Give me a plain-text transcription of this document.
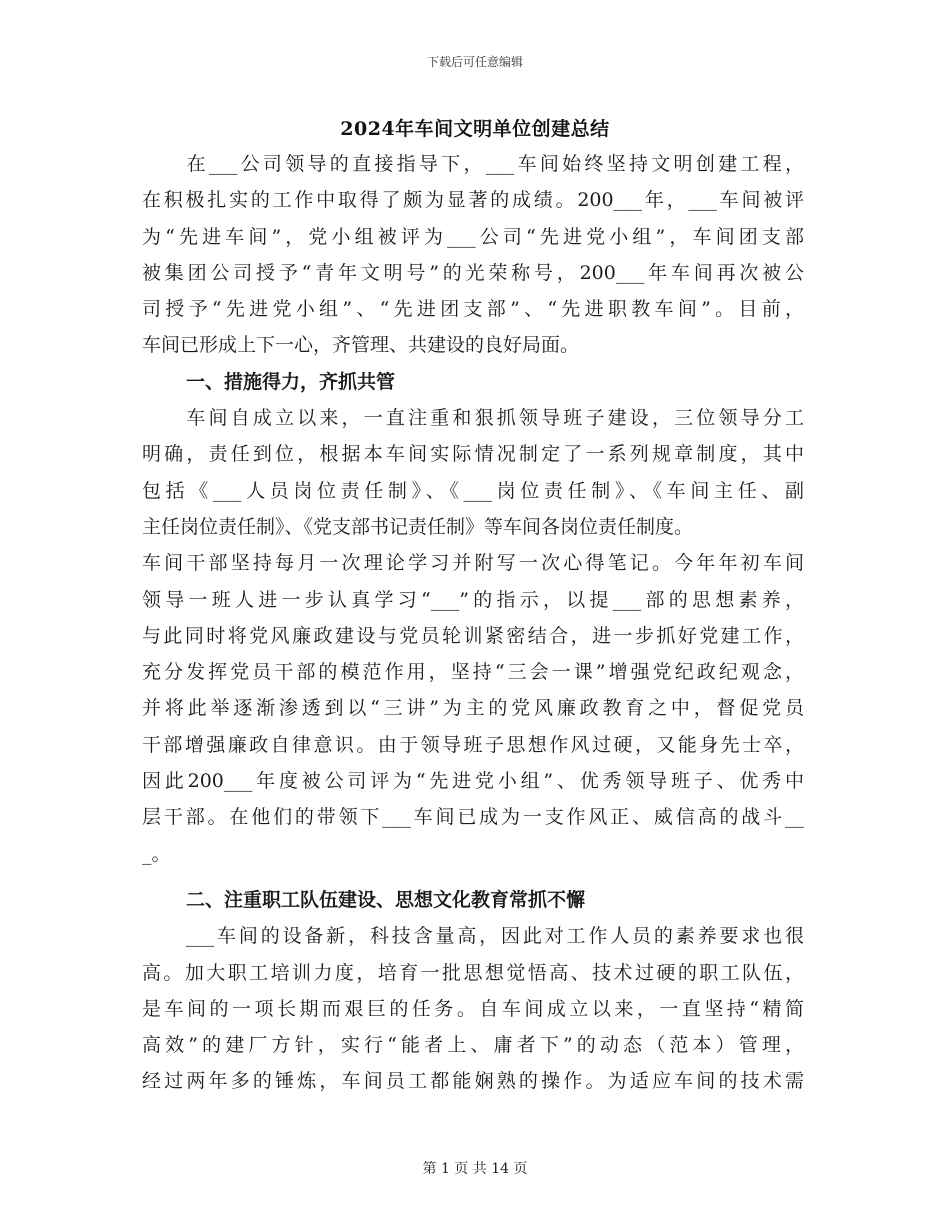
下载后可任意编辑
2024年车间文明单位创建总结
　　在___公司领导的直接指导下，___车间始终坚持文明创建工程，
在积极扎实的工作中取得了颇为显著的成绩。200___年，___车间被评
为“先进车间”，党小组被评为___公司“先进党小组”，车间团支部
被集团公司授予“青年文明号”的光荣称号，200___年车间再次被公
司授予“先进党小组”、“先进团支部”、“先进职教车间”。目前，
车间已形成上下一心，齐管理、共建设的良好局面。
一、措施得力，齐抓共管
　　车间自成立以来，一直注重和狠抓领导班子建设，三位领导分工
明确，责任到位，根据本车间实际情况制定了一系列规章制度，其中
包括《___人员岗位责任制》、《___岗位责任制》、《车间主任、副
主任岗位责任制》、《党支部书记责任制》等车间各岗位责任制度。
车间干部坚持每月一次理论学习并附写一次心得笔记。今年年初车间
领导一班人进一步认真学习“___”的指示，以提___部的思想素养，
与此同时将党风廉政建设与党员轮训紧密结合，进一步抓好党建工作，
充分发挥党员干部的模范作用，坚持“三会一课”增强党纪政纪观念，
并将此举逐渐渗透到以“三讲”为主的党风廉政教育之中，督促党员
干部增强廉政自律意识。由于领导班子思想作风过硬，又能身先士卒，
因此200___年度被公司评为“先进党小组”、优秀领导班子、优秀中
层干部。在他们的带领下___车间已成为一支作风正、威信高的战斗__
_。
二、注重职工队伍建设、思想文化教育常抓不懈
　　___车间的设备新，科技含量高，因此对工作人员的素养要求也很
高。加大职工培训力度，培育一批思想觉悟高、技术过硬的职工队伍，
是车间的一项长期而艰巨的任务。自车间成立以来，一直坚持“精简
高效”的建厂方针，实行“能者上、庸者下”的动态（范本）管理，
经过两年多的锤炼，车间员工都能娴熟的操作。为适应车间的技术需
第 1 页 共 14 页
